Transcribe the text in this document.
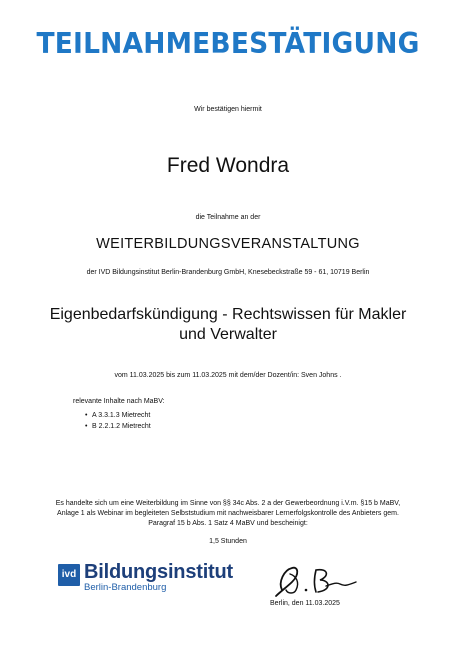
TEILNAHMEBESTÄTIGUNG
Wir bestätigen hiermit
Fred Wondra
die Teilnahme an der
WEITERBILDUNGSVERANSTALTUNG
der IVD Bildungsinstitut Berlin-Brandenburg GmbH, Knesebeckstraße 59 - 61, 10719 Berlin
Eigenbedarfskündigung - Rechtswissen für Makler
und Verwalter
vom 11.03.2025 bis zum 11.03.2025 mit dem/der Dozent/in: Sven Johns .
relevante Inhalte nach MaBV:
• A 3.3.1.3 Mietrecht
• B 2.2.1.2 Mietrecht
Es handelte sich um eine Weiterbildung im Sinne von §§ 34c Abs. 2 a der Gewerbeordnung i.V.m. §15 b MaBV,
Anlage 1 als Webinar im begleiteten Selbststudium mit nachweisbarer Lernerfolgskontrolle des Anbieters gem.
Paragraf 15 b Abs. 1 Satz 4 MaBV und bescheinigt:
1,5 Stunden
ivd Bildungsinstitut
Berlin-Brandenburg
Berlin, den 11.03.2025
